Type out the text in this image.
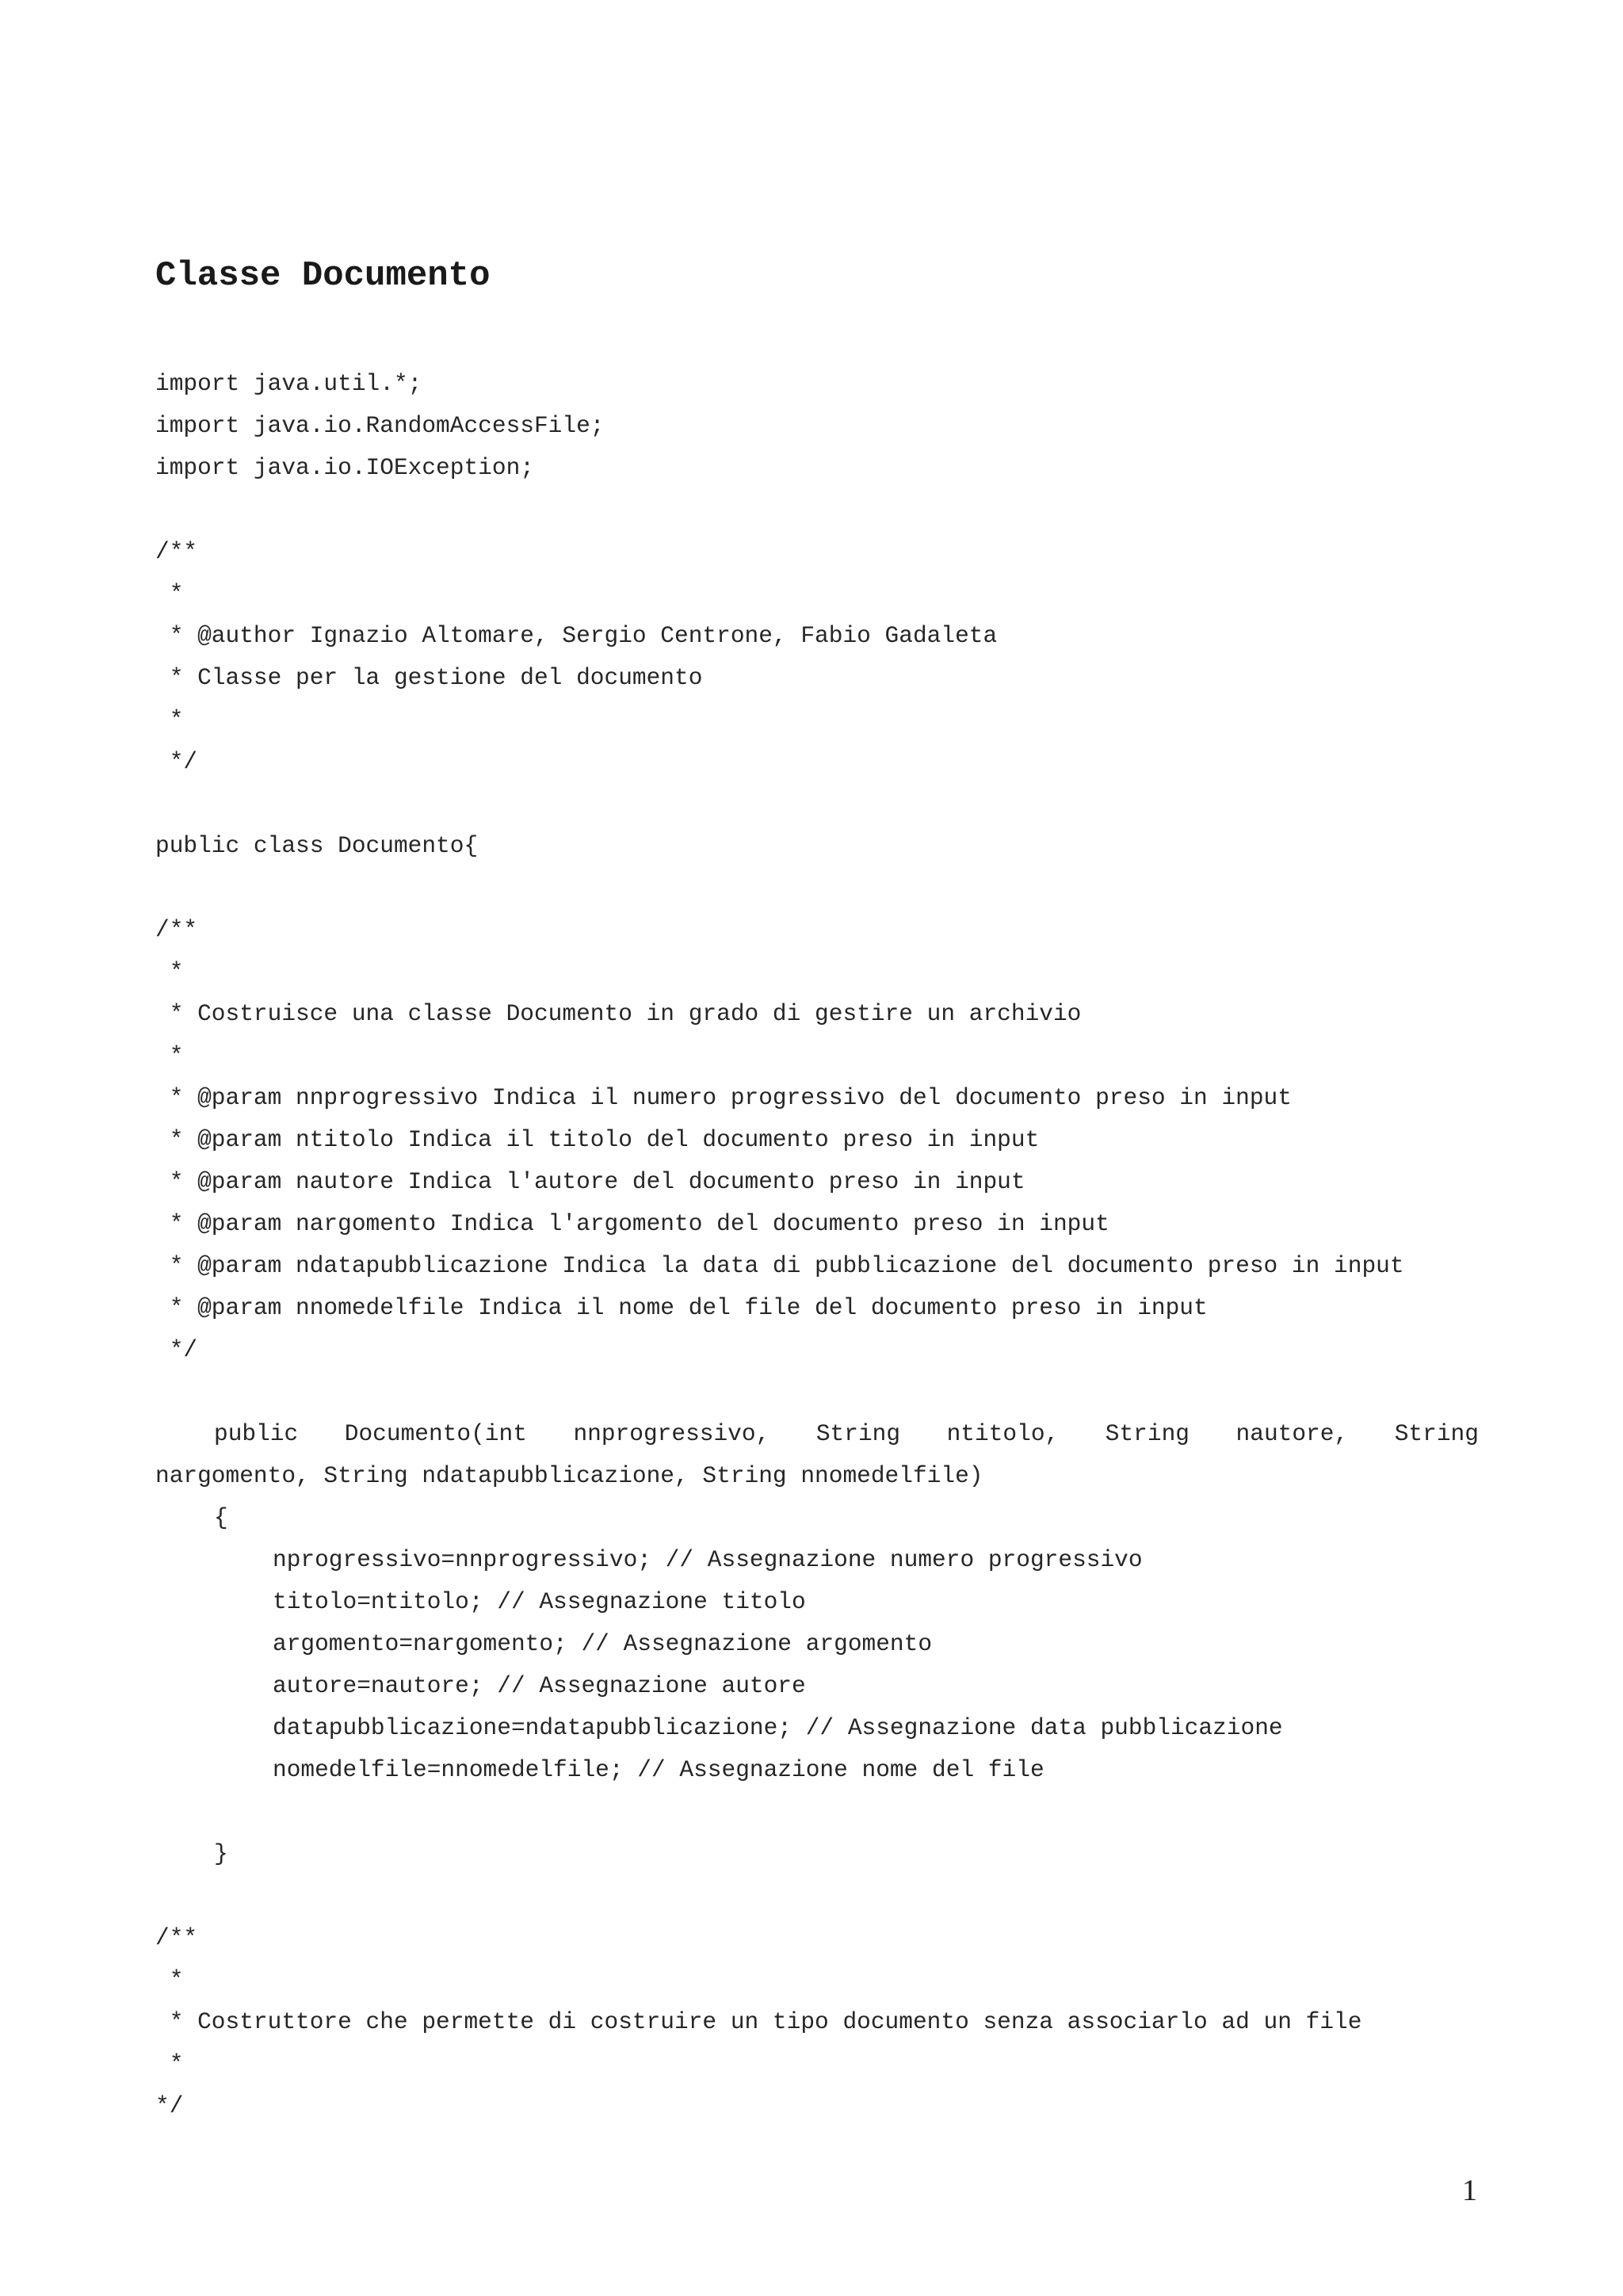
Classe Documento
import java.util.*;
import java.io.RandomAccessFile;
import java.io.IOException;
/**
*
* @author Ignazio Altomare, Sergio Centrone, Fabio Gadaleta
* Classe per la gestione del documento
*
*/
public class Documento{
/**
*
* Costruisce una classe Documento in grado di gestire un archivio
*
* @param nnprogressivo Indica il numero progressivo del documento preso in input
* @param ntitolo Indica il titolo del documento preso in input
* @param nautore Indica l'autore del documento preso in input
* @param nargomento Indica l'argomento del documento preso in input
* @param ndatapubblicazione Indica la data di pubblicazione del documento preso in input
* @param nnomedelfile Indica il nome del file del documento preso in input
*/
public Documento(int nnprogressivo, String ntitolo, String nautore, String
nargomento, String ndatapubblicazione, String nnomedelfile)
{
nprogressivo=nnprogressivo; // Assegnazione numero progressivo
titolo=ntitolo; // Assegnazione titolo
argomento=nargomento; // Assegnazione argomento
autore=nautore; // Assegnazione autore
datapubblicazione=ndatapubblicazione; // Assegnazione data pubblicazione
nomedelfile=nnomedelfile; // Assegnazione nome del file
}
/**
*
* Costruttore che permette di costruire un tipo documento senza associarlo ad un file
*
*/
1
